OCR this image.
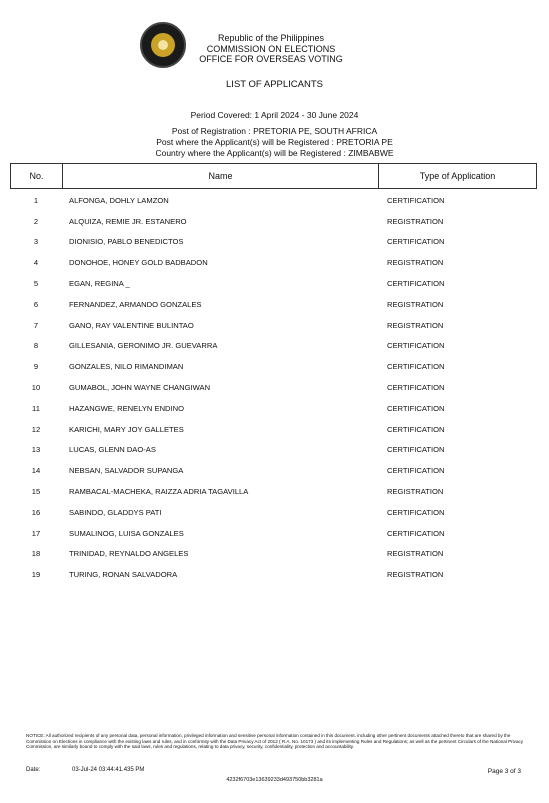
Republic of the Philippines
COMMISSION ON ELECTIONS
OFFICE FOR OVERSEAS VOTING
LIST OF APPLICANTS
Period Covered: 1 April 2024 - 30 June 2024
Post of Registration : PRETORIA PE, SOUTH AFRICA
Post where the Applicant(s) will be Registered : PRETORIA PE
Country where the Applicant(s) will be Registered : ZIMBABWE
No.	Name	Type of Application
1	ALFONGA, DOHLY LAMZON	CERTIFICATION
2	ALQUIZA, REMIE JR. ESTANERO	REGISTRATION
3	DIONISIO, PABLO BENEDICTOS	CERTIFICATION
4	DONOHOE, HONEY GOLD BADBADON	REGISTRATION
5	EGAN, REGINA _	CERTIFICATION
6	FERNANDEZ, ARMANDO GONZALES	REGISTRATION
7	GANO, RAY VALENTINE BULINTAO	REGISTRATION
8	GILLESANIA, GERONIMO JR. GUEVARRA	CERTIFICATION
9	GONZALES, NILO RIMANDIMAN	CERTIFICATION
10	GUMABOL, JOHN WAYNE CHANGIWAN	CERTIFICATION
11	HAZANGWE, RENELYN ENDINO	CERTIFICATION
12	KARICHI, MARY JOY GALLETES	CERTIFICATION
13	LUCAS, GLENN DAO-AS	CERTIFICATION
14	NEBSAN, SALVADOR SUPANGA	CERTIFICATION
15	RAMBACAL-MACHEKA, RAIZZA ADRIA TAGAVILLA	REGISTRATION
16	SABINDO, GLADDYS PATI	CERTIFICATION
17	SUMALINOG, LUISA GONZALES	CERTIFICATION
18	TRINIDAD, REYNALDO ANGELES	REGISTRATION
19	TURING, RONAN SALVADORA	REGISTRATION
NOTICE: All authorized recipients of any personal data, personal information, privileged information and sensitive personal information contained in this document, including other pertinent documents attached thereto that are shared by the Commission on Elections in compliance with the existing laws and rules, and in conformity with the Data Privacy Act of 2012 ( R.A. No. 10173 ) and its implementing Rules and Regulations; as well as the pertinent Circulars of the National Privacy Commission, are similarly bound to comply with the said laws, rules and regulations, relating to data privacy, security, confidentiality, protection and accountability.
Date:	03-Jul-24 03:44:41.435 PM	Page 3 of 3
4232f6703e13639233d493750bb3281a
